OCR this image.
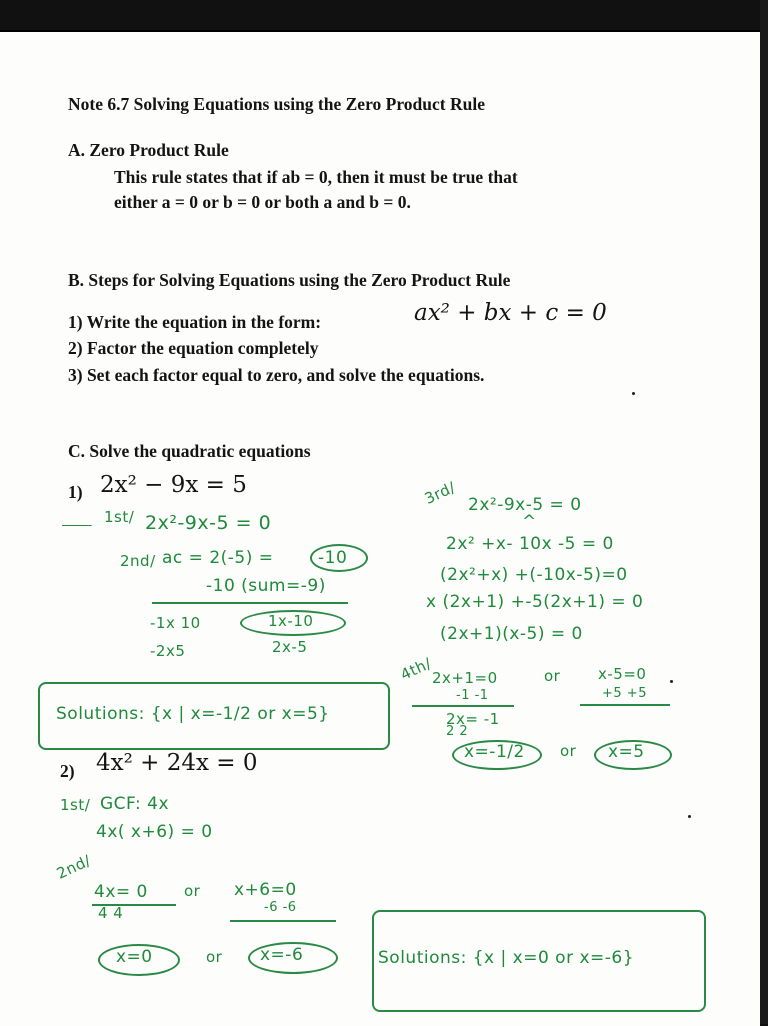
Note 6.7 Solving Equations using the Zero Product Rule
A. Zero Product Rule
This rule states that if ab = 0, then it must be true that
either a = 0 or b = 0 or both a and b = 0.
B. Steps for Solving Equations using the Zero Product Rule
1) Write the equation in the form:	ax² + bx + c = 0
2) Factor the equation completely
3) Set each factor equal to zero, and solve the equations.
C. Solve the quadratic equations
1) 2x² − 9x = 5
2) 4x² + 24x = 0

1st/ 2x²-9x-5 = 0
2nd/ ac = 2(-5) =	-10
-10 (sum=-9)
-1x 10	1x-10
-2x5	2x-5
3rd/ 2x²-9x-5 = 0
^
2x² +x- 10x -5 = 0
(2x²+x) +(-10x-5)=0
x (2x+1) +-5(2x+1) = 0
(2x+1)(x-5) = 0
4th/
2x+1=0	or	x-5=0
-1 -1	+5 +5
2x= -1
2 2
x=-1/2 or x=5
Solutions: {x | x=-1/2 or x=5}
1st/ GCF: 4x
4x( x+6) = 0
2nd/
4x= 0 or x+6=0
4 4	-6 -6
x=0	or x=-6	Solutions: {x | x=0 or x=-6}
